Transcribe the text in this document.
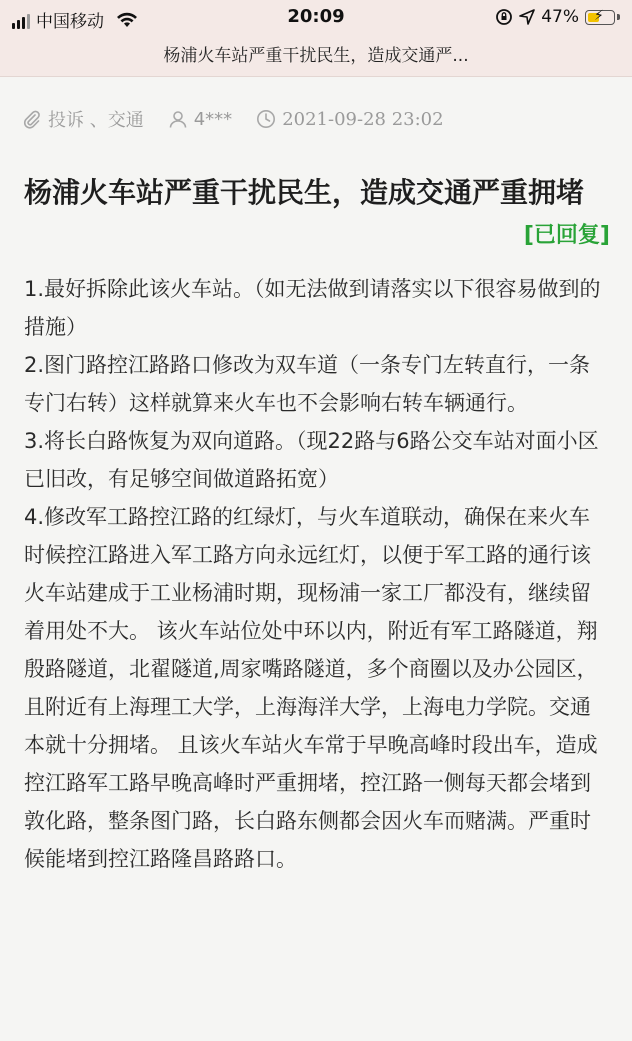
中国移动	20:09	47% ⚡
杨浦火车站严重干扰民生，造成交通严...
投诉 、交通	4***	2021-09-28 23:02
杨浦火车站严重干扰民生，造成交通严重拥堵
[已回复]

1.最好拆除此该火车站。（如无法做到请落实以下很容易做到的措施）

2.图门路控江路路口修改为双车道（一条专门左转直行，一条专门右转）这样就算来火车也不会影响右转车辆通行。

3.将长白路恢复为双向道路。（现22路与6路公交车站对面小区已旧改，有足够空间做道路拓宽）

4.修改军工路控江路的红绿灯，与火车道联动，确保在来火车时候控江路进入军工路方向永远红灯，以便于军工路的通行该火车站建成于工业杨浦时期，现杨浦一家工厂都没有，继续留着用处不大。 该火车站位处中环以内，附近有军工路隧道，翔殷路隧道，北翟隧道,周家嘴路隧道，多个商圈以及办公园区，且附近有上海理工大学，上海海洋大学，上海电力学院。交通本就十分拥堵。 且该火车站火车常于早晚高峰时段出车，造成控江路军工路早晚高峰时严重拥堵，控江路一侧每天都会堵到敦化路，整条图门路，长白路东侧都会因火车而赌满。严重时候能堵到控江路隆昌路路口。
